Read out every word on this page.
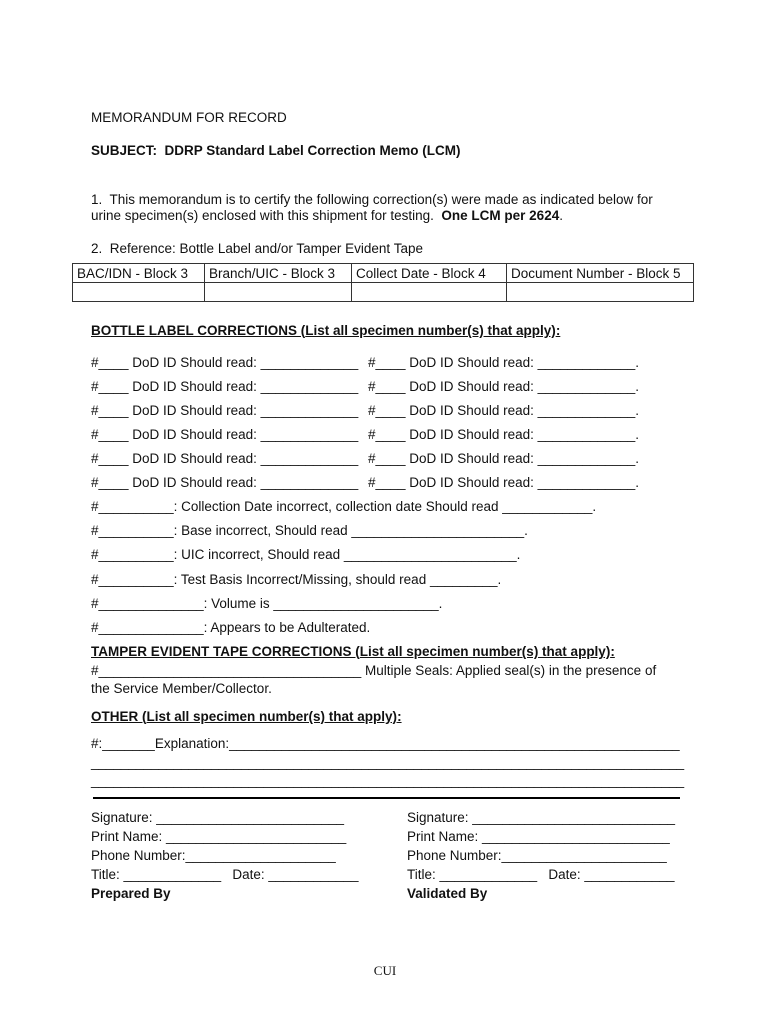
MEMORANDUM FOR RECORD
SUBJECT:  DDRP Standard Label Correction Memo (LCM)
1.  This memorandum is to certify the following correction(s) were made as indicated below for
urine specimen(s) enclosed with this shipment for testing.  One LCM per 2624.
2.  Reference: Bottle Label and/or Tamper Evident Tape
BAC/IDN - Block 3	Branch/UIC - Block 3	Collect Date - Block 4	Document Number - Block 5

BOTTLE LABEL CORRECTIONS (List all specimen number(s) that apply):
#____ DoD ID Should read: _____________ #____ DoD ID Should read: _____________.
#____ DoD ID Should read: _____________ #____ DoD ID Should read: _____________.
#____ DoD ID Should read: _____________ #____ DoD ID Should read: _____________.
#____ DoD ID Should read: _____________ #____ DoD ID Should read: _____________.
#____ DoD ID Should read: _____________ #____ DoD ID Should read: _____________.
#____ DoD ID Should read: _____________ #____ DoD ID Should read: _____________.
#__________: Collection Date incorrect, collection date Should read ____________.
#__________: Base incorrect, Should read _______________________.
#__________: UIC incorrect, Should read _______________________.
#__________: Test Basis Incorrect/Missing, should read _________.
#______________: Volume is ______________________.
#______________: Appears to be Adulterated.
TAMPER EVIDENT TAPE CORRECTIONS (List all specimen number(s) that apply):
#___________________________________ Multiple Seals: Applied seal(s) in the presence of
the Service Member/Collector.
OTHER (List all specimen number(s) that apply):
#:_______Explanation:____________________________________________________________
_______________________________________________________________________________
_______________________________________________________________________________
Signature: _________________________
Print Name: ________________________
Phone Number:____________________
Title: _____________   Date: ____________
Prepared By
Signature: ___________________________
Print Name: _________________________
Phone Number:______________________
Title: _____________   Date: ____________
Validated By
CUI
